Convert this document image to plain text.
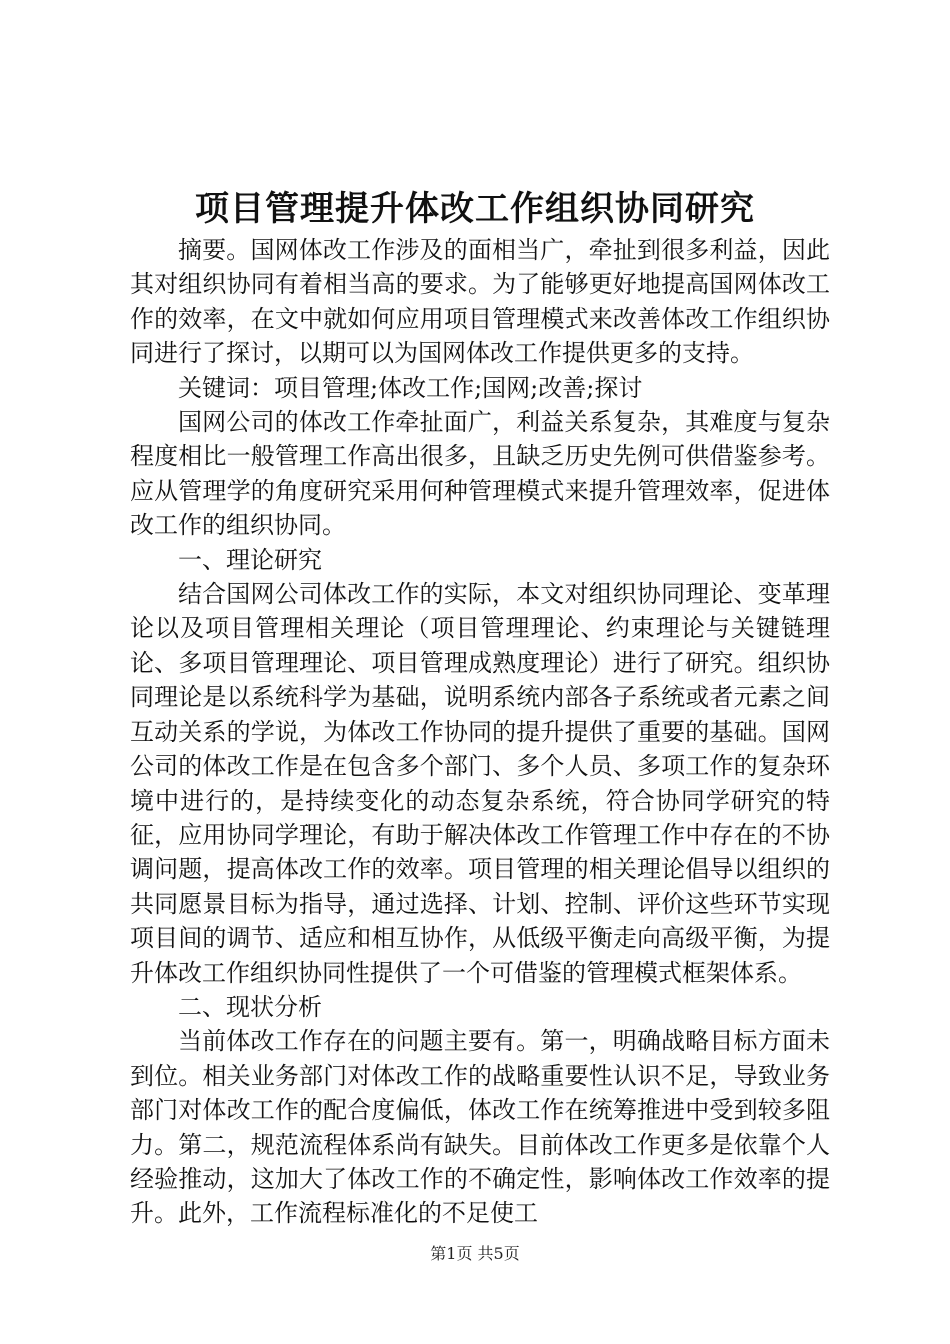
项目管理提升体改工作组织协同研究

摘要。国网体改工作涉及的面相当广，牵扯到很多利益，因此其对组织协同有着相当高的要求。为了能够更好地提高国网体改工作的效率，在文中就如何应用项目管理模式来改善体改工作组织协同进行了探讨，以期可以为国网体改工作提供更多的支持。

关键词：项目管理;体改工作;国网;改善;探讨

国网公司的体改工作牵扯面广，利益关系复杂，其难度与复杂程度相比一般管理工作高出很多，且缺乏历史先例可供借鉴参考。应从管理学的角度研究采用何种管理模式来提升管理效率，促进体改工作的组织协同。

一、理论研究

结合国网公司体改工作的实际，本文对组织协同理论、变革理论以及项目管理相关理论（项目管理理论、约束理论与关键链理论、多项目管理理论、项目管理成熟度理论）进行了研究。组织协同理论是以系统科学为基础，说明系统内部各子系统或者元素之间互动关系的学说，为体改工作协同的提升提供了重要的基础。国网公司的体改工作是在包含多个部门、多个人员、多项工作的复杂环境中进行的，是持续变化的动态复杂系统，符合协同学研究的特征，应用协同学理论，有助于解决体改工作管理工作中存在的不协调问题，提高体改工作的效率。项目管理的相关理论倡导以组织的共同愿景目标为指导，通过选择、计划、控制、评价这些环节实现项目间的调节、适应和相互协作，从低级平衡走向高级平衡，为提升体改工作组织协同性提供了一个可借鉴的管理模式框架体系。

二、现状分析

当前体改工作存在的问题主要有。第一，明确战略目标方面未到位。相关业务部门对体改工作的战略重要性认识不足，导致业务部门对体改工作的配合度偏低，体改工作在统筹推进中受到较多阻力。第二，规范流程体系尚有缺失。目前体改工作更多是依靠个人经验推动，这加大了体改工作的不确定性，影响体改工作效率的提升。此外，工作流程标准化的不足使工

第1页 共5页
